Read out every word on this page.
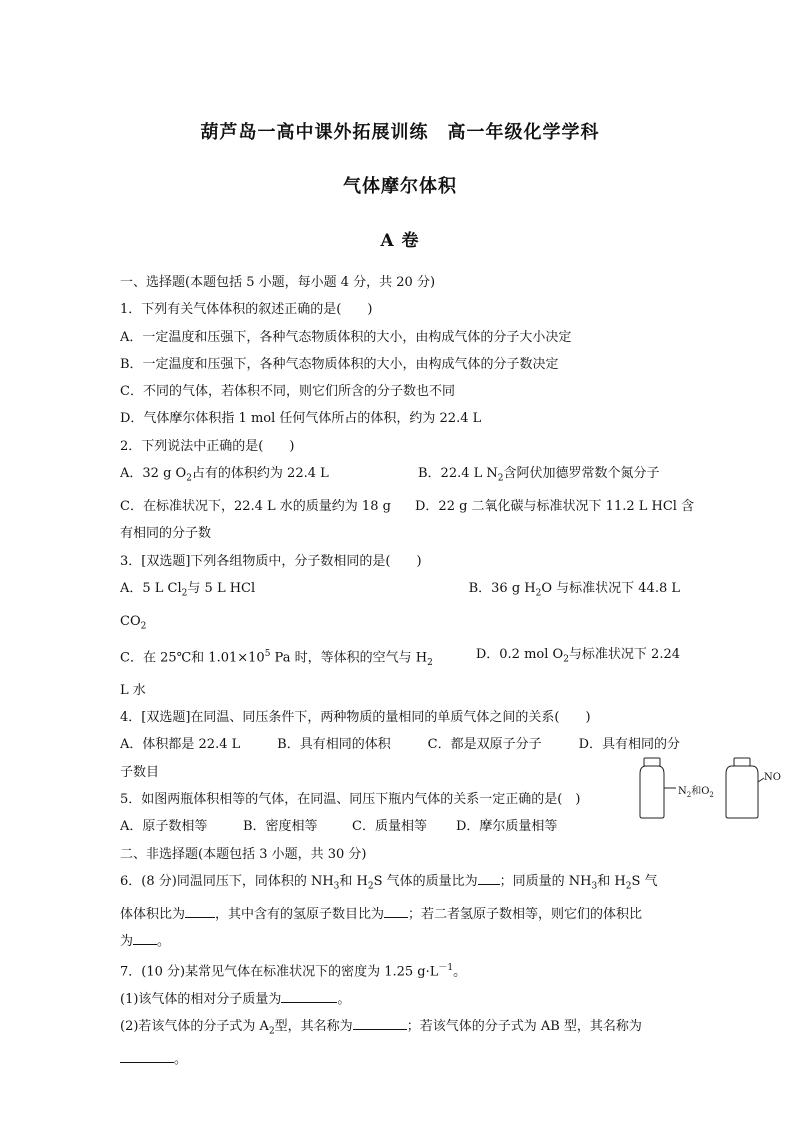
葫芦岛一高中课外拓展训练　高一年级化学学科

气体摩尔体积

A 卷

一、选择题(本题包括 5 小题，每小题 4 分，共 20 分)
1．下列有关气体体积的叙述正确的是(　　)
A．一定温度和压强下，各种气态物质体积的大小，由构成气体的分子大小决定
B．一定温度和压强下，各种气态物质体积的大小，由构成气体的分子数决定
C．不同的气体，若体积不同，则它们所含的分子数也不同
D．气体摩尔体积指 1 mol 任何气体所占的体积，约为 22.4 L
2．下列说法中正确的是(　　)
A．32 g $O_2$占有的体积约为 22.4 L	B．22.4 L $N_2$含阿伏加德罗常数个氮分子
C．在标准状况下，22.4 L 水的质量约为 18 g D．22 g 二氧化碳与标准状况下 11.2 L HCl 含
有相同的分子数
3．[双选题]下列各组物质中，分子数相同的是(　　)
A．5 L $Cl_2$与 5 L HCl	B．36 g $H_2O$ 与标准状况下 44.8 L
$CO_2$
C．在 25℃和 $1.01\times 10^5$ Pa 时，等体积的空气与 $H_2$
D．0.2 mol $O_2$与标准状况下 2.24
L 水
4．[双选题]在同温、同压条件下，两种物质的量相同的单质气体之间的关系(　　)
A．体积都是 22.4 L	B．具有相同的体积	C．都是双原子分子	D．具有相同的分
子数目
5．如图两瓶体积相等的气体，在同温、同压下瓶内气体的关系一定正确的是(　)
A．原子数相等	B．密度相等	C．质量相等 D．摩尔质量相等
二、非选择题(本题包括 3 小题，共 30 分)
6．(8 分)同温同压下，同体积的 $NH_3$和 $H_2S$ 气体的质量比为 ；同质量的 $NH_3$和 $H_2S$ 气
体体积比为 ，其中含有的氢原子数目比为 ；若二者氢原子数相等，则它们的体积比
为 。
7．(10 分)某常见气体在标准状况下的密度为 1.25 $g\cdot L^{-1}$。
(1)该气体的相对分子质量为	。
(2)若该气体的分子式为 $A_2$型，其名称为	；若该气体的分子式为 AB 型，其名称为
。
$N_2$和$O_2$
NO
